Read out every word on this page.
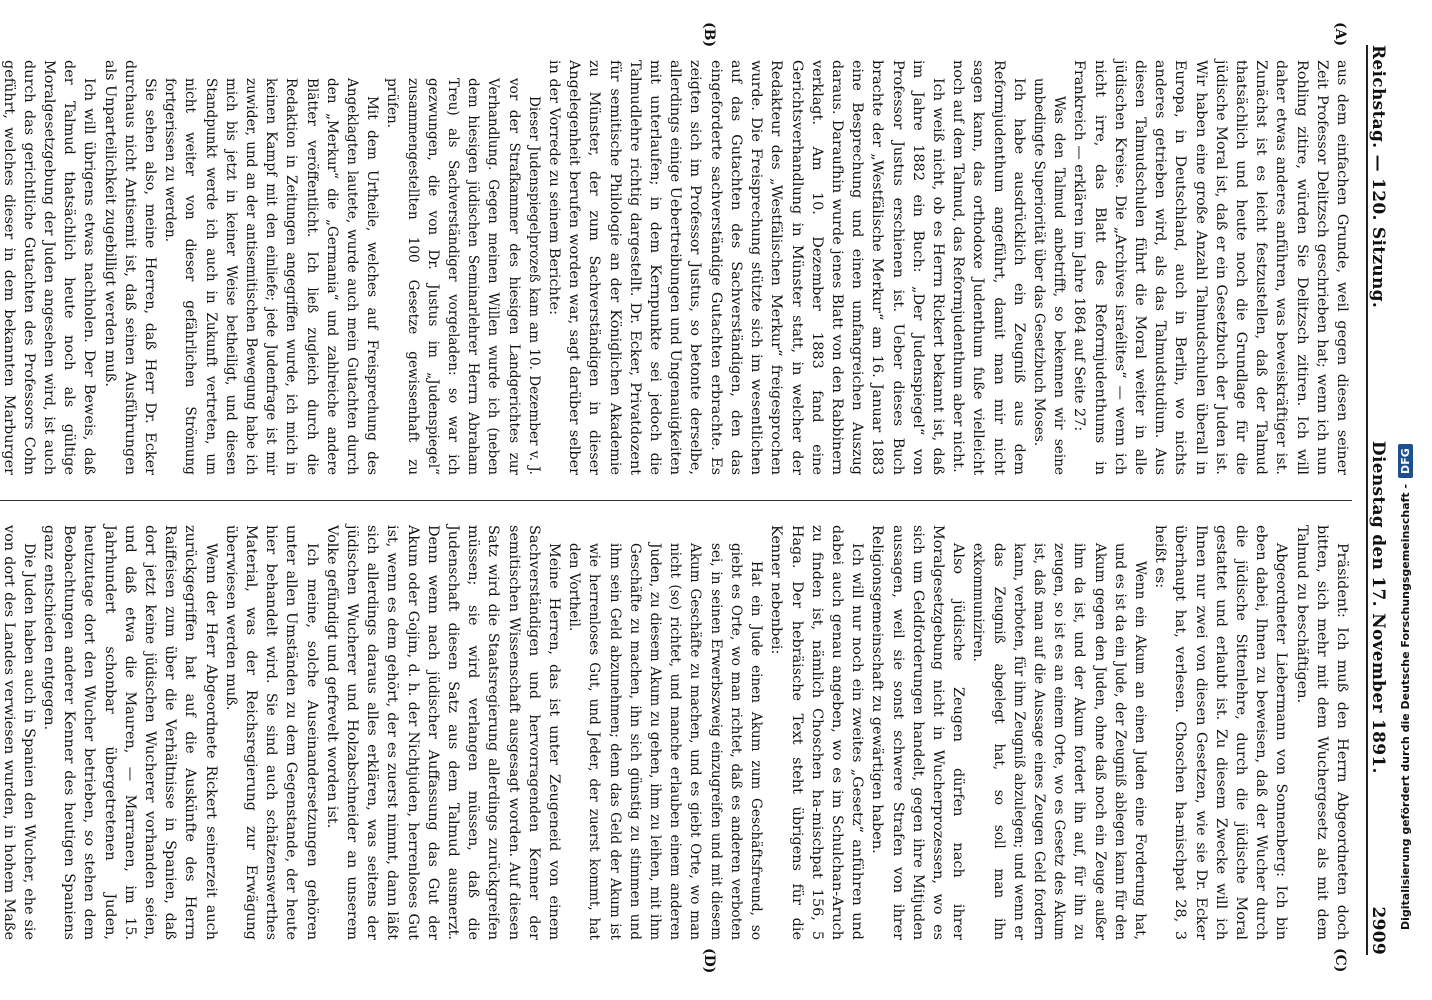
Reichstag. — 120. Sitzung.
Dienstag den 17. November 1891.
2909
(A)
(B)
(C)
(D)

aus dem einfachen Grunde, weil gegen diesen seiner Zeit Professor Delitzsch geschrieben hat; wenn ich nun Rohling zitire, würden Sie Delitzsch zitiren. Ich will daher etwas anderes anführen, was beweiskräftiger ist. Zunächst ist es leicht festzustellen, daß der Talmud thatsächlich und heute noch die Grundlage für die jüdische Moral ist, daß er ein Gesetzbuch der Juden ist. Wir haben eine große Anzahl Talmudschulen überall in Europa, in Deutschland, auch in Berlin, wo nichts anderes getrieben wird, als das Talmudstudium. Aus diesen Talmudschulen führt die Moral weiter in alle jüdischen Kreise. Die „Archives israélites“ — wenn ich nicht irre, das Blatt des Reformjudenthums in Frankreich — erklären im Jahre 1864 auf Seite 27:

Was den Talmud anbetrifft, so bekennen wir seine unbedingte Superiorität über das Gesetzbuch Moses.

Ich habe ausdrücklich ein Zeugniß aus dem Reformjudenthum angeführt, damit man mir nicht sagen kann, das orthodoxe Judenthum fuße vielleicht noch auf dem Talmud, das Reformjudenthum aber nicht.

Ich weiß nicht, ob es Herrn Rickert bekannt ist, daß im Jahre 1882 ein Buch: „Der Judenspiegel“ von Professor Justus erschienen ist. Ueber dieses Buch brachte der „Westfälische Merkur“ am 16. Januar 1883 eine Besprechung und einen umfangreichen Auszug daraus. Daraufhin wurde jenes Blatt von den Rabbinern verklagt. Am 10. Dezember 1883 fand eine Gerichtsverhandlung in Münster statt, in welcher der Redakteur des „Westfälischen Merkur“ freigesprochen wurde. Die Freisprechung stützte sich im wesentlichen auf das Gutachten des Sachverständigen, den das eingeforderte sachverständige Gutachten erbrachte. Es zeigten sich im Professor Justus, so betonte derselbe, allerdings einige Uebertreibungen und Ungenauigkeiten mit unterlaufen; in dem Kernpunkte sei jedoch die Talmudlehre richtig dargestellt. Dr. Ecker, Privatdozent für semitische Philologie an der Königlichen Akademie zu Münster, der zum Sachverständigen in dieser Angelegenheit berufen worden war, sagt darüber selber in der Vorrede zu seinem Berichte:

Dieser Judenspiegelprozeß kam am 10. Dezember v. J. vor der Strafkammer des hiesigen Landgerichtes zur Verhandlung. Gegen meinen Willen wurde ich (neben dem hiesigen jüdischen Seminarlehrer Herrn Abraham Treu) als Sachverständiger vorgeladen: so war ich gezwungen, die von Dr. Justus im „Judenspiegel“ zusammengestellten 100 Gesetze gewissenhaft zu prüfen.

Mit dem Urtheile, welches auf Freisprechung des Angeklagten lautete, wurde auch mein Gutachten durch den „Merkur“ die „Germania“ und zahlreiche andere Blätter veröffentlicht. Ich ließ zugleich durch die Redaktion in Zeitungen angegriffen wurde, ich mich in keinen Kampf mit den einliefe; jede Judenfrage ist mir zuwider, und an der antisemitischen Bewegung habe ich mich bis jetzt in keiner Weise betheiligt, und diesen Standpunkt werde ich auch in Zukunft vertreten, um nicht weiter von dieser gefährlichen Strömung fortgerissen zu werden.

Sie sehen also, meine Herren, daß Herr Dr. Ecker durchaus nicht Antisemit ist, daß seinen Ausführungen als Unparteilichkeit zugebilligt werden muß.

Ich will übrigens etwas nachholen. Der Beweis, daß der Talmud thatsächlich heute noch als gültige Moralgesetzgebung der Juden angesehen wird, ist auch durch das gerichtliche Gutachten des Professors Cohn geführt, welches dieser in dem bekannten Marburger

Präsident: Ich muß den Herrn Abgeordneten doch bitten, sich mehr mit dem Wuchergesetz als mit dem Talmud zu beschäftigen.

Abgeordneter Liebermann von Sonnenberg: Ich bin eben dabei, Ihnen zu beweisen, daß der Wucher durch die jüdische Sittenlehre, durch die jüdische Moral gestattet und erlaubt ist. Zu diesem Zwecke will ich Ihnen nur zwei von diesen Gesetzen, wie sie Dr. Ecker überhaupt hat, verlesen. Choschen ha-mischpat 28, 3 heißt es:

Wenn ein Akum an einen Juden eine Forderung hat, und es ist da ein Jude, der Zeugniß ablegen kann für den Akum gegen den Juden, ohne daß noch ein Zeuge außer ihm da ist, und der Akum fordert ihn auf, für ihn zu zeugen, so ist es an einem Orte, wo es Gesetz des Akum ist, daß man auf die Aussage eines Zeugen Geld fordern kann, verboten, für ihm Zeugniß abzulegen; und wenn er das Zeugniß abgelegt hat, so soll man ihn exkommuniziren.

Also jüdische Zeugen dürfen nach ihrer Moralgesetzgebung nicht in Wucherprozessen, wo es sich um Geldforderungen handelt, gegen ihre Mitjuden aussagen, weil sie sonst schwere Strafen von ihrer Religionsgemeinschaft zu gewärtigen haben.

Ich will nur noch ein zweites „Gesetz“ anführen und dabei auch genau angeben, wo es im Schulchan-Aruch zu finden ist, nämlich Choschen ha-mischpat 156, 5 Haga. Der hebräische Text steht übrigens für die Kenner nebenbei:

Hat ein Jude einen Akum zum Geschäftsfreund, so giebt es Orte, wo man richtet, daß es anderen verboten sei, in seinen Erwerbszweig einzugreifen und mit diesem Akum Geschäfte zu machen, und es giebt Orte, wo man nicht (so) richtet, und manche erlauben einem anderen Juden, zu diesem Akum zu gehen, ihm zu leihen, mit ihm Geschäfte zu machen, ihn sich günstig zu stimmen und ihm sein Geld abzunehmen; denn das Geld der Akum ist wie herrenloses Gut, und Jeder, der zuerst kommt, hat den Vortheil.

Meine Herren, das ist unter Zeugeneid von einem Sachverständigen und hervorragenden Kenner der semitischen Wissenschaft ausgesagt worden. Auf diesen Satz wird die Staatsregierung allerdings zurückgreifen müssen; sie wird verlangen müssen, daß die Judenschaft diesen Satz aus dem Talmud ausmerzt. Denn wenn nach jüdischer Auffassung das Gut der Akum oder Gojim, d. h. der Nichtjuden, herrenloses Gut ist, wenn es dem gehört, der es zuerst nimmt, dann läßt sich allerdings daraus alles erklären, was seitens der jüdischen Wucherer und Holzabschneider an unserem Volke gefündigt und gefrevelt worden ist.

Ich meine, solche Auseinandersetzungen gehören unter allen Umständen zu dem Gegenstande, der heute hier behandelt wird. Sie sind auch schätzenswerthes Material, was der Reichsregierung zur Erwägung überwiesen werden muß.

Wenn der Herr Abgeordnete Rickert seinerzeit auch zurückgegriffen hat auf die Auskünfte des Herrn Raiffeisen zum über die Verhältnisse in Spanien, daß dort jetzt keine jüdischen Wucherer vorhanden seien, und daß etwa die Mauren, — Marranen, im 15. Jahrhundert schonbar übergetretenen Juden, heutzutage dort den Wucher betrieben, so stehen dem Beobachtungen anderer Kenner des heutigen Spaniens ganz entschieden entgegen.

Die Juden haben auch in Spanien den Wucher, ehe sie von dort des Landes verwiesen wurden, in hohem Maße	Digitalisierung gefördert durch die Deutsche Forschungsgemeinschaft -DFG
